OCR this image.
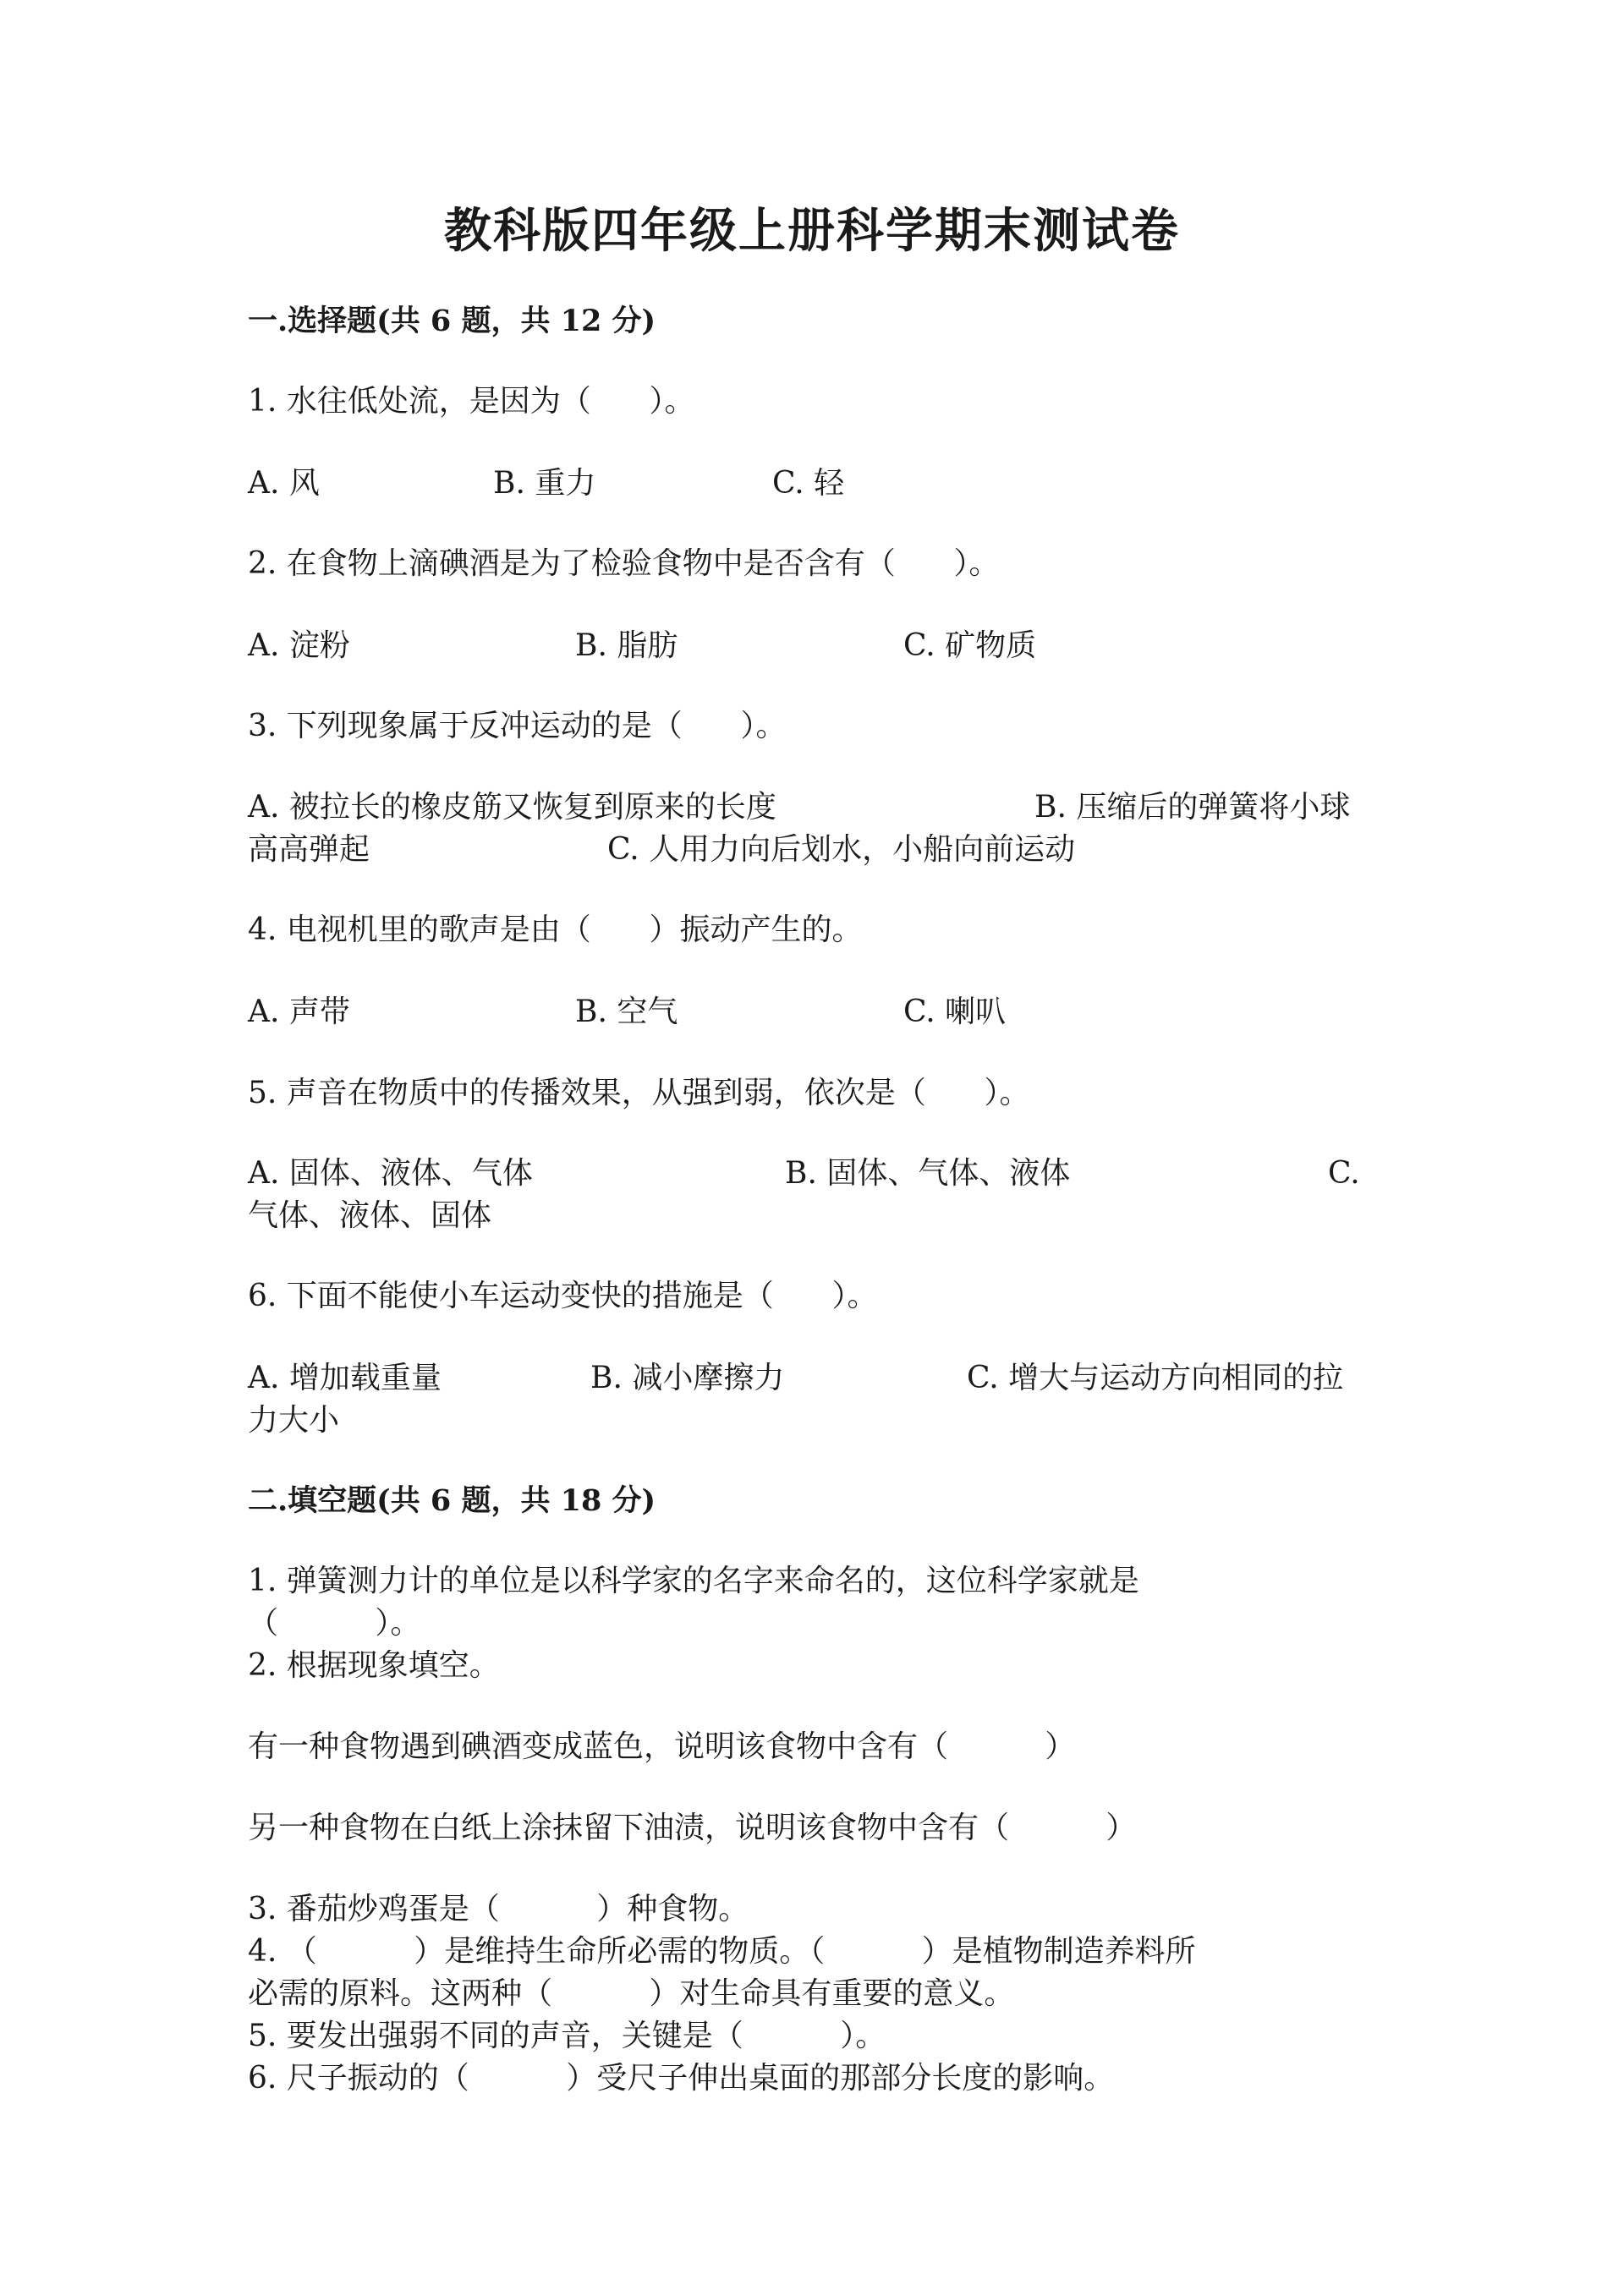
教科版四年级上册科学期末测试卷
一.选择题(共 6 题，共 12 分)

1. 水往低处流，是因为（      ）。

A. 风	B. 重力	C. 轻

2. 在食物上滴碘酒是为了检验食物中是否含有（      ）。

A. 淀粉	B. 脂肪	C. 矿物质

3. 下列现象属于反冲运动的是（      ）。

A. 被拉长的橡皮筋又恢复到原来的长度	B. 压缩后的弹簧将小球
高高弹起	C. 人用力向后划水，小船向前运动

4. 电视机里的歌声是由（      ）振动产生的。

A. 声带	B. 空气	C. 喇叭

5. 声音在物质中的传播效果，从强到弱，依次是（      ）。

A. 固体、液体、气体	B. 固体、气体、液体	C.
气体、液体、固体

6. 下面不能使小车运动变快的措施是（      ）。

A. 增加载重量	B. 减小摩擦力	C. 增大与运动方向相同的拉
力大小
二.填空题(共 6 题，共 18 分)

1. 弹簧测力计的单位是以科学家的名字来命名的，这位科学家就是

（          ）。

2. 根据现象填空。

有一种食物遇到碘酒变成蓝色，说明该食物中含有（          ）

另一种食物在白纸上涂抹留下油渍，说明该食物中含有（          ）

3. 番茄炒鸡蛋是（          ）种食物。

4. （          ）是维持生命所必需的物质。（          ）是植物制造养料所

必需的原料。这两种（          ）对生命具有重要的意义。

5. 要发出强弱不同的声音，关键是（          ）。

6. 尺子振动的（          ）受尺子伸出桌面的那部分长度的影响。
